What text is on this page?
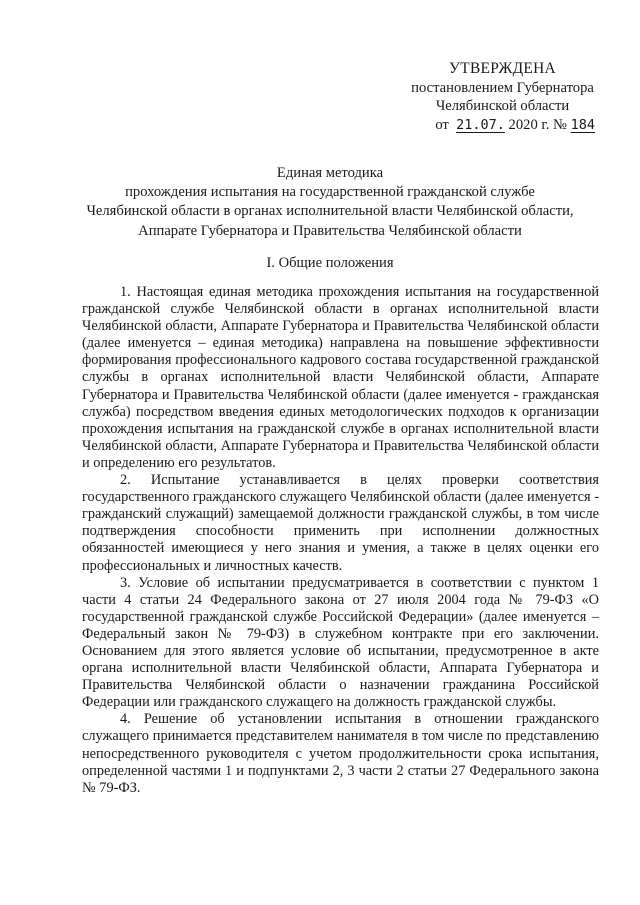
УТВЕРЖДЕНА
постановлением Губернатора
Челябинской области
от 21.07. 2020 г. № 184
Единая методика
прохождения испытания на государственной гражданской службе
Челябинской области в органах исполнительной власти Челябинской области,
Аппарате Губернатора и Правительства Челябинской области
I. Общие положения

1. Настоящая единая методика прохождения испытания на государственной гражданской службе Челябинской области в органах исполнительной власти Челябинской области, Аппарате Губернатора и Правительства Челябинской области (далее именуется – единая методика) направлена на повышение эффективности формирования профессионального кадрового состава государственной гражданской службы в органах исполнительной власти Челябинской области, Аппарате Губернатора и Правительства Челябинской области (далее именуется - гражданская служба) посредством введения единых методологических подходов к организации прохождения испытания на гражданской службе в органах исполнительной власти Челябинской области, Аппарате Губернатора и Правительства Челябинской области и определению его результатов.

2. Испытание устанавливается в целях проверки соответствия государственного гражданского служащего Челябинской области (далее именуется - гражданский служащий) замещаемой должности гражданской службы, в том числе подтверждения способности применить при исполнении должностных обязанностей имеющиеся у него знания и умения, а также в целях оценки его профессиональных и личностных качеств.

3. Условие об испытании предусматривается в соответствии с пунктом 1 части 4 статьи 24 Федерального закона от 27 июля 2004 года № 79-ФЗ «О государственной гражданской службе Российской Федерации» (далее именуется – Федеральный закон № 79-ФЗ) в служебном контракте при его заключении. Основанием для этого является условие об испытании, предусмотренное в акте органа исполнительной власти Челябинской области, Аппарата Губернатора и Правительства Челябинской области о назначении гражданина Российской Федерации или гражданского служащего на должность гражданской службы.

4. Решение об установлении испытания в отношении гражданского служащего принимается представителем нанимателя в том числе по представлению непосредственного руководителя с учетом продолжительности срока испытания, определенной частями 1 и подпунктами 2, 3 части 2 статьи 27 Федерального закона № 79-ФЗ.
